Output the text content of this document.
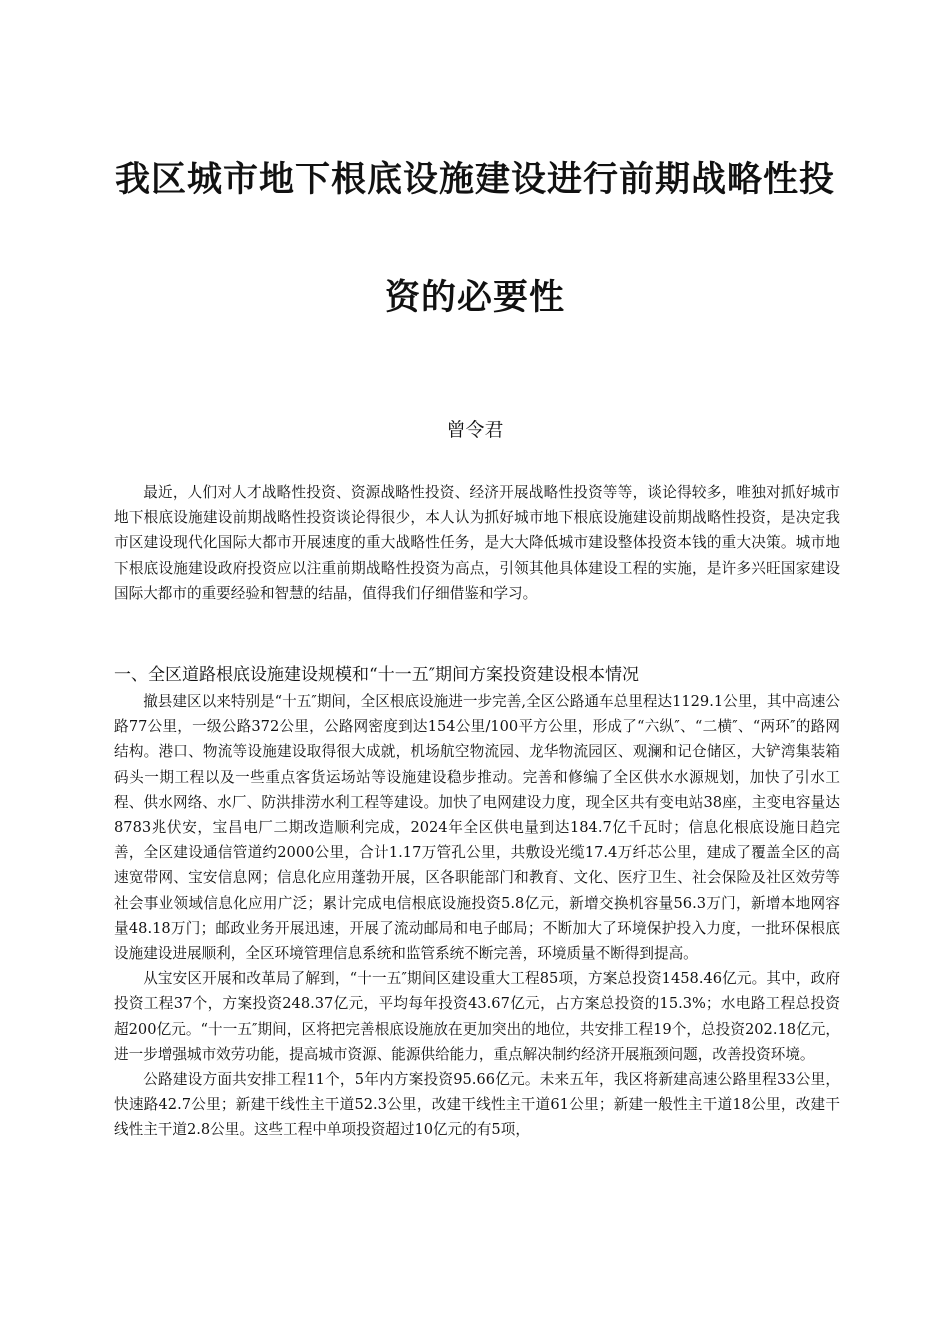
我区城市地下根底设施建设进行前期战略性投
资的必要性
曾令君

最近，人们对人才战略性投资、资源战略性投资、经济开展战略性投资等等，谈论得较多，唯独对抓好城市地下根底设施建设前期战略性投资谈论得很少，本人认为抓好城市地下根底设施建设前期战略性投资，是决定我市区建设现代化国际大都市开展速度的重大战略性任务，是大大降低城市建设整体投资本钱的重大决策。城市地下根底设施建设政府投资应以注重前期战略性投资为高点，引领其他具体建设工程的实施，是许多兴旺国家建设国际大都市的重要经验和智慧的结晶，值得我们仔细借鉴和学习。

一、全区道路根底设施建设规模和“十一五″期间方案投资建设根本情况

撤县建区以来特别是“十五″期间，全区根底设施进一步完善,全区公路通车总里程达1129.1公里，其中高速公路77公里，一级公路372公里，公路网密度到达154公里/100平方公里，形成了“六纵″、“二横″、“两环″的路网结构。港口、物流等设施建设取得很大成就，机场航空物流园、龙华物流园区、观澜和记仓储区，大铲湾集装箱码头一期工程以及一些重点客货运场站等设施建设稳步推动。完善和修编了全区供水水源规划，加快了引水工程、供水网络、水厂、防洪排涝水利工程等建设。加快了电网建设力度，现全区共有变电站38座，主变电容量达8783兆伏安，宝昌电厂二期改造顺利完成，2024年全区供电量到达184.7亿千瓦时；信息化根底设施日趋完善，全区建设通信管道约2000公里，合计1.17万管孔公里，共敷设光缆17.4万纤芯公里，建成了覆盖全区的高速宽带网、宝安信息网；信息化应用蓬勃开展，区各职能部门和教育、文化、医疗卫生、社会保险及社区效劳等社会事业领域信息化应用广泛；累计完成电信根底设施投资5.8亿元，新增交换机容量56.3万门，新增本地网容量48.18万门；邮政业务开展迅速，开展了流动邮局和电子邮局；不断加大了环境保护投入力度，一批环保根底设施建设进展顺利，全区环境管理信息系统和监管系统不断完善，环境质量不断得到提高。

从宝安区开展和改革局了解到，“十一五″期间区建设重大工程85项，方案总投资1458.46亿元。其中，政府投资工程37个，方案投资248.37亿元，平均每年投资43.67亿元，占方案总投资的15.3%；水电路工程总投资超200亿元。“十一五″期间，区将把完善根底设施放在更加突出的地位，共安排工程19个，总投资202.18亿元，进一步增强城市效劳功能，提高城市资源、能源供给能力，重点解决制约经济开展瓶颈问题，改善投资环境。

公路建设方面共安排工程11个，5年内方案投资95.66亿元。未来五年，我区将新建高速公路里程33公里，快速路42.7公里；新建干线性主干道52.3公里，改建干线性主干道61公里；新建一般性主干道18公里，改建干线性主干道2.8公里。这些工程中单项投资超过10亿元的有5项，
